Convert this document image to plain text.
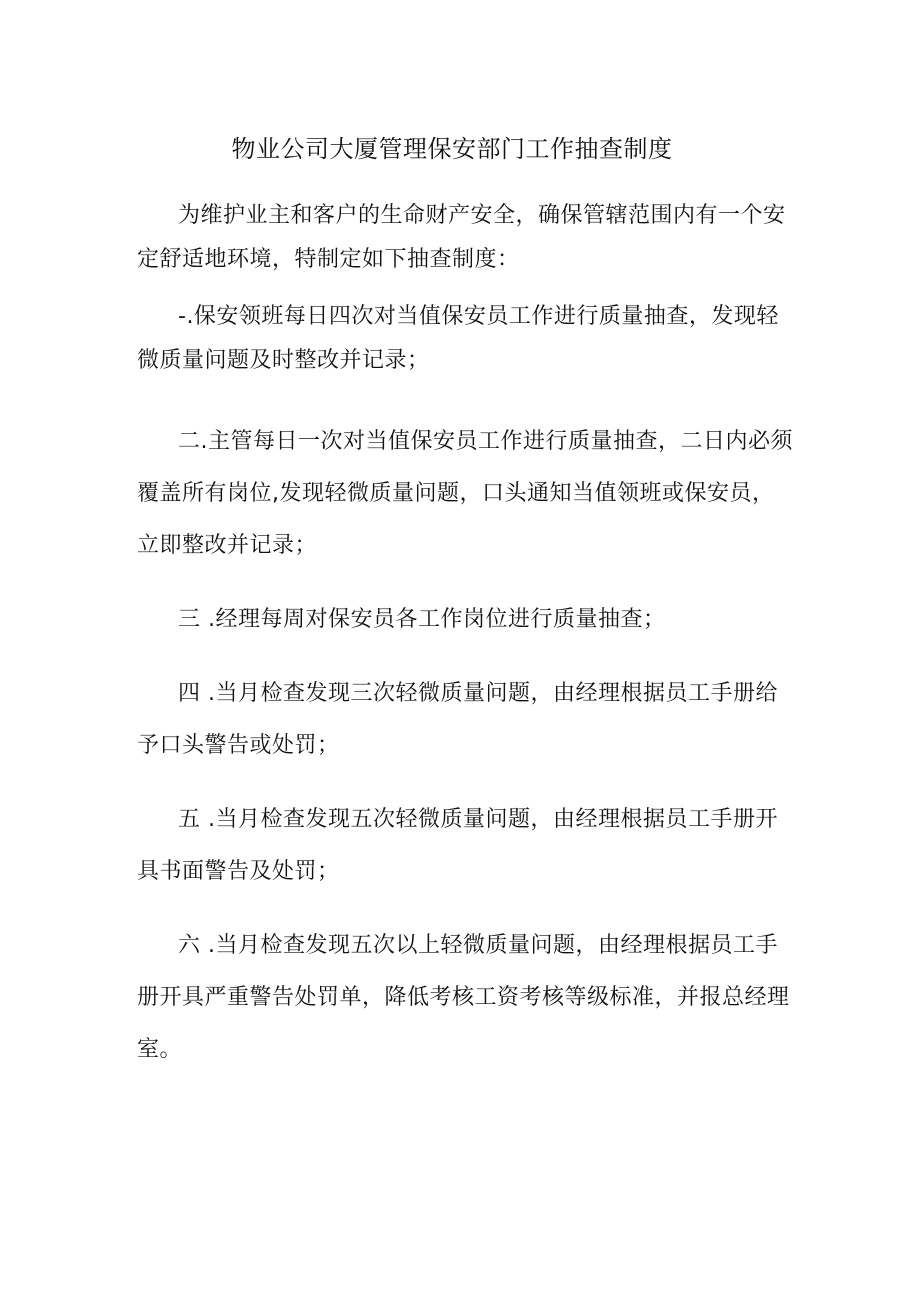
物业公司大厦管理保安部门工作抽查制度

为维护业主和客户的生命财产安全，确保管辖范围内有一个安
定舒适地环境，特制定如下抽查制度：

-.保安领班每日四次对当值保安员工作进行质量抽查，发现轻
微质量问题及时整改并记录；

二.主管每日一次对当值保安员工作进行质量抽查，二日内必须
覆盖所有岗位,发现轻微质量问题，口头通知当值领班或保安员，
立即整改并记录；

三 .经理每周对保安员各工作岗位进行质量抽查；

四 .当月检查发现三次轻微质量问题，由经理根据员工手册给
予口头警告或处罚；

五 .当月检查发现五次轻微质量问题，由经理根据员工手册开
具书面警告及处罚；

六 .当月检查发现五次以上轻微质量问题，由经理根据员工手
册开具严重警告处罚单，降低考核工资考核等级标准，并报总经理
室。
